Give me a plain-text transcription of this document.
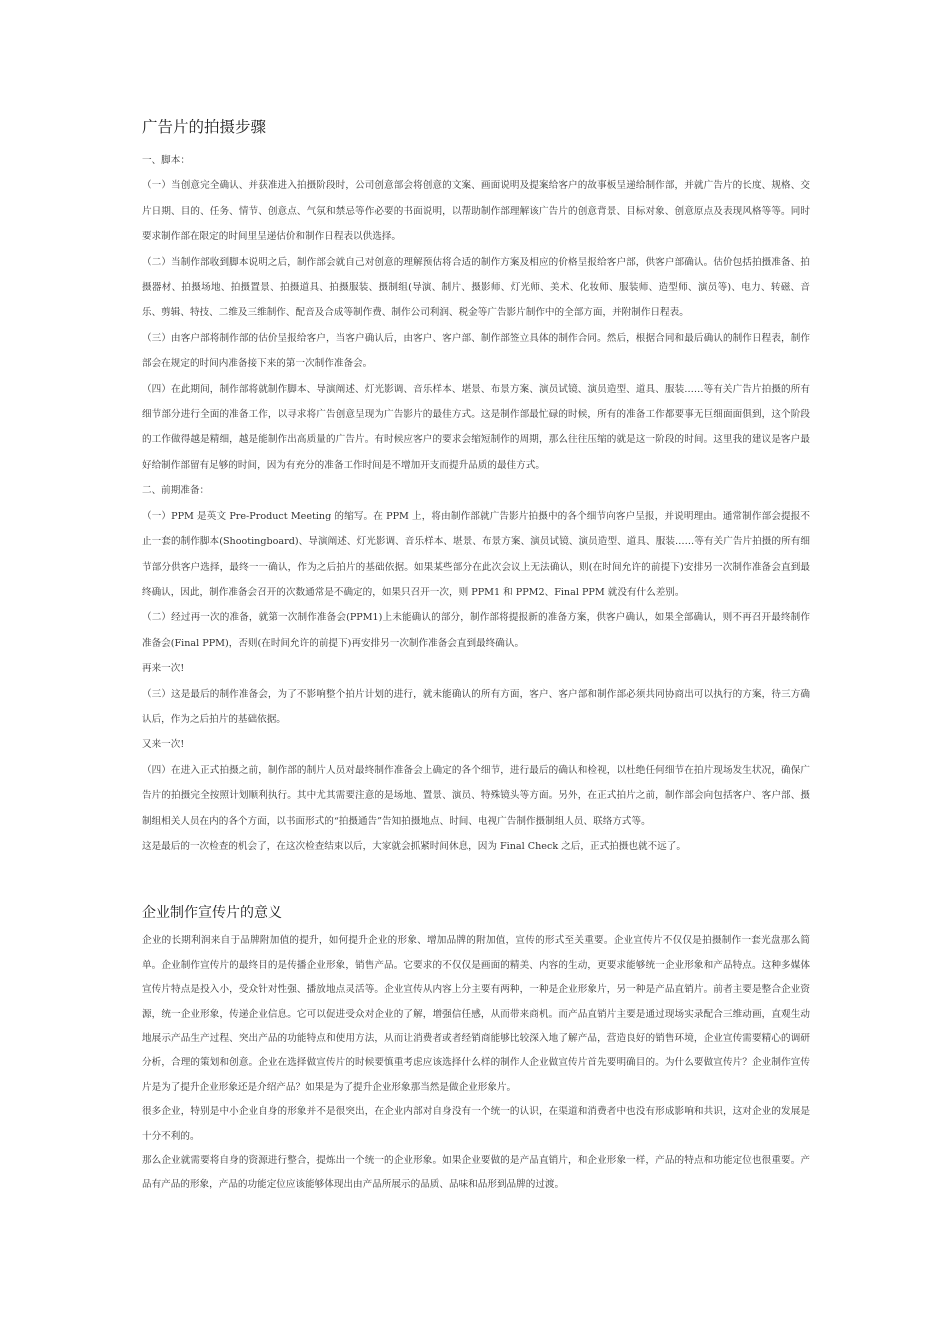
广告片的拍摄步骤

一、脚本：

（一）当创意完全确认、并获准进入拍摄阶段时，公司创意部会将创意的文案、画面说明及提案给客户的故事板呈递给制作部，并就广告片的长度、规格、交片日期、目的、任务、情节、创意点、气氛和禁忌等作必要的书面说明，以帮助制作部理解该广告片的创意背景、目标对象、创意原点及表现风格等等。同时要求制作部在限定的时间里呈递估价和制作日程表以供选择。

（二）当制作部收到脚本说明之后，制作部会就自己对创意的理解预估将合适的制作方案及相应的价格呈报给客户部，供客户部确认。估价包括拍摄准备、拍摄器材、拍摄场地、拍摄置景、拍摄道具、拍摄服装、摄制组(导演、制片、摄影师、灯光师、美术、化妆师、服装师、造型师、演员等)、电力、转磁、音乐、剪辑、特技、二维及三维制作、配音及合成等制作费、制作公司利润、税金等广告影片制作中的全部方面，并附制作日程表。

（三）由客户部将制作部的估价呈报给客户，当客户确认后，由客户、客户部、制作部签立具体的制作合同。然后，根据合同和最后确认的制作日程表，制作部会在规定的时间内准备接下来的第一次制作准备会。

（四）在此期间，制作部将就制作脚本、导演阐述、灯光影调、音乐样本、堪景、布景方案、演员试镜、演员造型、道具、服装……等有关广告片拍摄的所有细节部分进行全面的准备工作，以寻求将广告创意呈现为广告影片的最佳方式。这是制作部最忙碌的时候，所有的准备工作都要事无巨细面面俱到，这个阶段的工作做得越是精细，越是能制作出高质量的广告片。有时候应客户的要求会缩短制作的周期，那么往往压缩的就是这一阶段的时间。这里我的建议是客户最好给制作部留有足够的时间，因为有充分的准备工作时间是不增加开支而提升品质的最佳方式。

二、前期准备：

（一）PPM 是英文 Pre-Product Meeting 的缩写。在 PPM 上，将由制作部就广告影片拍摄中的各个细节向客户呈报，并说明理由。通常制作部会提报不止一套的制作脚本(Shootingboard)、导演阐述、灯光影调、音乐样本、堪景、布景方案、演员试镜、演员造型、道具、服装……等有关广告片拍摄的所有细节部分供客户选择，最终一一确认，作为之后拍片的基础依据。如果某些部分在此次会议上无法确认，则(在时间允许的前提下)安排另一次制作准备会直到最终确认，因此，制作准备会召开的次数通常是不确定的，如果只召开一次，则 PPM1 和 PPM2、Final PPM 就没有什么差别。

（二）经过再一次的准备，就第一次制作准备会(PPM1)上未能确认的部分，制作部将提报新的准备方案，供客户确认，如果全部确认，则不再召开最终制作准备会(Final PPM)，否则(在时间允许的前提下)再安排另一次制作准备会直到最终确认。

再来一次!

（三）这是最后的制作准备会，为了不影响整个拍片计划的进行，就未能确认的所有方面，客户、客户部和制作部必须共同协商出可以执行的方案，待三方确认后，作为之后拍片的基础依据。

又来一次!

（四）在进入正式拍摄之前，制作部的制片人员对最终制作准备会上确定的各个细节，进行最后的确认和检视，以杜绝任何细节在拍片现场发生状况，确保广告片的拍摄完全按照计划顺利执行。其中尤其需要注意的是场地、置景、演员、特殊镜头等方面。另外，在正式拍片之前，制作部会向包括客户、客户部、摄制组相关人员在内的各个方面，以书面形式的“拍摄通告”告知拍摄地点、时间、电视广告制作摄制组人员、联络方式等。

这是最后的一次检查的机会了，在这次检查结束以后，大家就会抓紧时间休息，因为 Final Check 之后，正式拍摄也就不远了。

企业制作宣传片的意义

企业的长期利润来自于品牌附加值的提升，如何提升企业的形象、增加品牌的附加值，宣传的形式至关重要。企业宣传片不仅仅是拍摄制作一套光盘那么简单。企业制作宣传片的最终目的是传播企业形象，销售产品。它要求的不仅仅是画面的精美、内容的生动，更要求能够统一企业形象和产品特点。这种多媒体宣传片特点是投入小，受众针对性强、播放地点灵活等。企业宣传从内容上分主要有两种，一种是企业形象片，另一种是产品直销片。前者主要是整合企业资源，统一企业形象，传递企业信息。它可以促进受众对企业的了解，增强信任感，从而带来商机。而产品直销片主要是通过现场实录配合三维动画，直观生动地展示产品生产过程、突出产品的功能特点和使用方法，从而让消费者或者经销商能够比较深入地了解产品，营造良好的销售环境，企业宣传需要精心的调研分析，合理的策划和创意。企业在选择做宣传片的时候要慎重考虑应该选择什么样的制作人企业做宣传片首先要明确目的。为什么要做宣传片？企业制作宣传片是为了提升企业形象还是介绍产品？如果是为了提升企业形象那当然是做企业形象片。

很多企业，特别是中小企业自身的形象并不是很突出，在企业内部对自身没有一个统一的认识，在渠道和消费者中也没有形成影响和共识，这对企业的发展是十分不利的。

那么企业就需要将自身的资源进行整合，提炼出一个统一的企业形象。如果企业要做的是产品直销片，和企业形象一样，产品的特点和功能定位也很重要。产品有产品的形象，产品的功能定位应该能够体现出由产品所展示的品质、品味和品形到品牌的过渡。
